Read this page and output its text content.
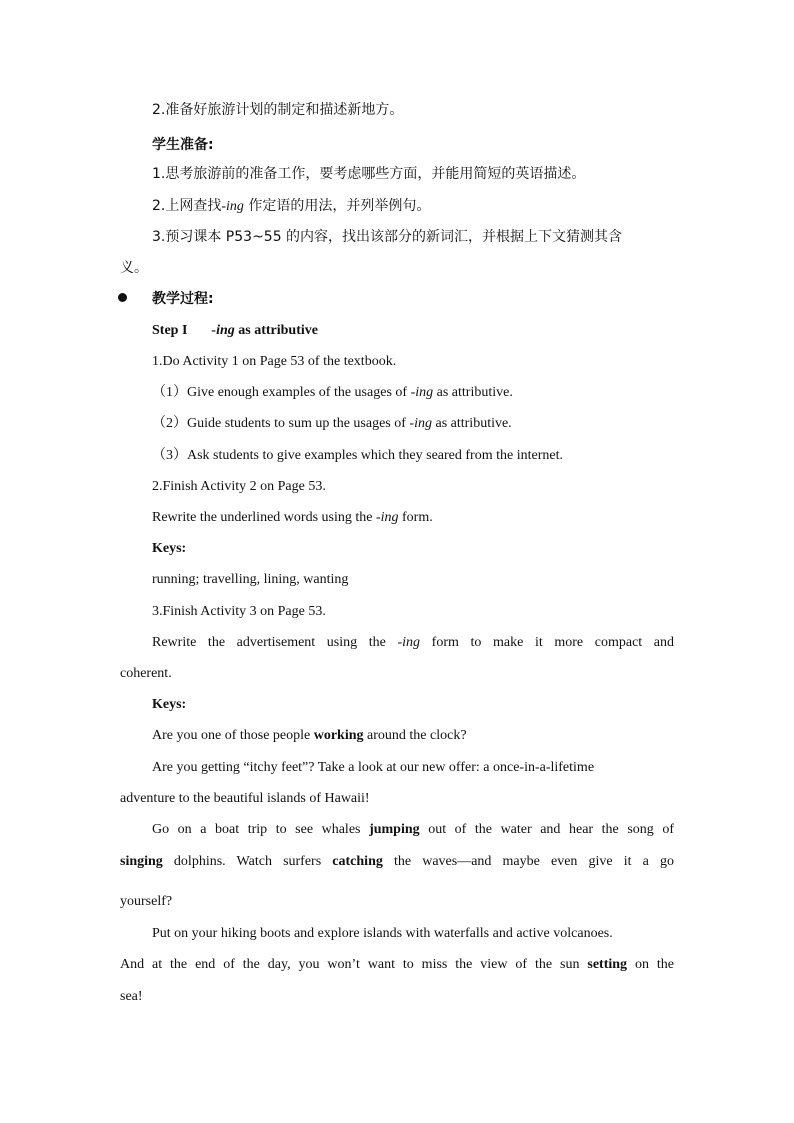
2.准备好旅游计划的制定和描述新地方。
学生准备:
1.思考旅游前的准备工作，要考虑哪些方面，并能用简短的英语描述。
2.上网查找-ing 作定语的用法，并列举例句。
3.预习课本 P53~55 的内容，找出该部分的新词汇，并根据上下文猜测其含
义。
教学过程:
Step I -ing as attributive
1.Do Activity 1 on Page 53 of the textbook.
（1）Give enough examples of the usages of -ing as attributive.
（2）Guide students to sum up the usages of -ing as attributive.
（3）Ask students to give examples which they seared from the internet.
2.Finish Activity 2 on Page 53.
Rewrite the underlined words using the -ing form.
Keys:
running; travelling, lining, wanting
3.Finish Activity 3 on Page 53.
Rewrite the advertisement using the -ing form to make it more compact and
coherent.
Keys:
Are you one of those people working around the clock?
Are you getting “itchy feet”? Take a look at our new offer: a once-in-a-lifetime
adventure to the beautiful islands of Hawaii!
Go on a boat trip to see whales jumping out of the water and hear the song of
singing dolphins. Watch surfers catching the waves—and maybe even give it a go
yourself?
Put on your hiking boots and explore islands with waterfalls and active volcanoes.
And at the end of the day, you won’t want to miss the view of the sun setting on the
sea!
